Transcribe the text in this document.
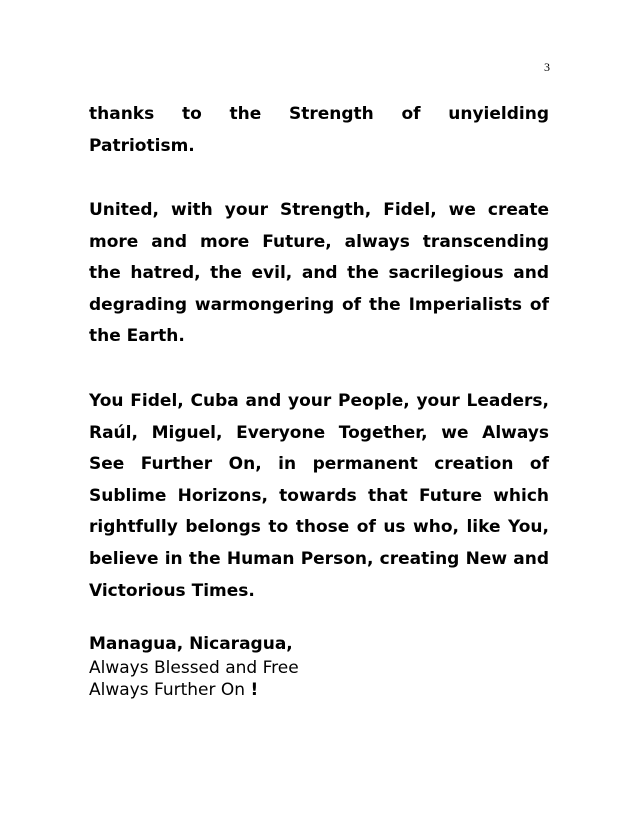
3

thanks to the Strength of unyielding Patriotism.

United, with your Strength, Fidel, we create more and more Future, always transcending the hatred, the evil, and the sacrilegious and degrading warmongering of the Imperialists of the Earth.

You Fidel, Cuba and your People, your Leaders, Raúl, Miguel, Everyone Together, we Always See Further On, in permanent creation of Sublime Horizons, towards that Future which rightfully belongs to those of us who, like You, believe in the Human Person, creating New and Victorious Times.

Managua, Nicaragua,
Always Blessed and Free
Always Further On !
